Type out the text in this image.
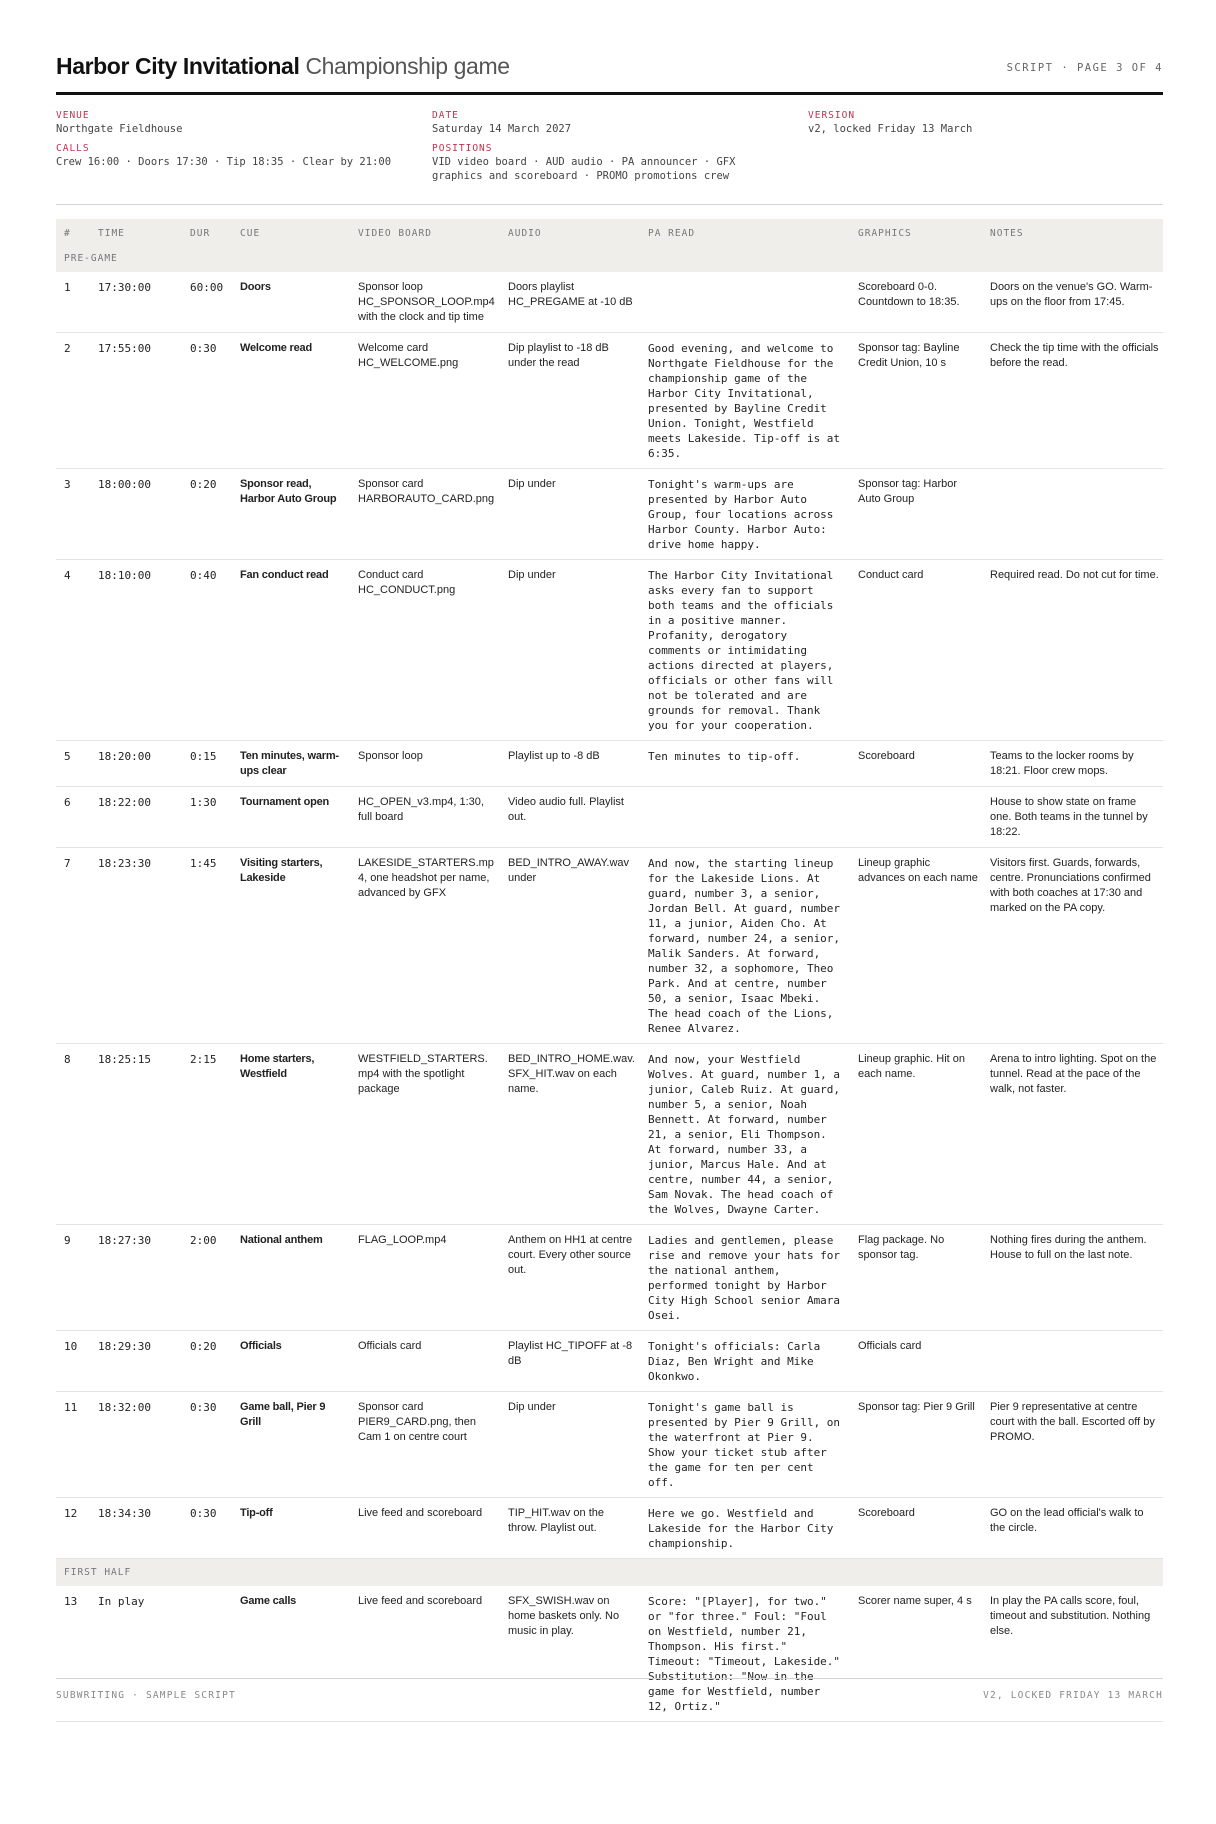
Harbor City Invitational Championship game	SCRIPT · PAGE 3 OF 4
VENUE
Northgate Fieldhouse
CALLS
Crew 16:00 · Doors 17:30 · Tip 18:35 · Clear by 21:00
DATE
Saturday 14 March 2027
POSITIONS
VID video board · AUD audio · PA announcer · GFX graphics and scoreboard · PROMO promotions crew
VERSION
v2, locked Friday 13 March
#	TIME	DUR	CUE	VIDEO BOARD	AUDIO	PA READ	GRAPHICS	NOTES
PRE-GAME								
1	17:30:00	60:00	Doors	Sponsor loop HC_SPONSOR_LOOP.mp4 with the clock and tip time	Doors playlist HC_PREGAME at -10 dB		Scoreboard 0-0. Countdown to 18:35.	Doors on the venue's GO. Warm-ups on the floor from 17:45.
2	17:55:00	0:30	Welcome read	Welcome card HC_WELCOME.png	Dip playlist to -18 dB under the read	Good evening, and welcome to Northgate Fieldhouse for the championship game of the Harbor City Invitational, presented by Bayline Credit Union. Tonight, Westfield meets Lakeside. Tip-off is at 6:35.	Sponsor tag: Bayline Credit Union, 10 s	Check the tip time with the officials before the read.
3	18:00:00	0:20	Sponsor read, Harbor Auto Group	Sponsor card HARBORAUTO_CARD.png	Dip under	Tonight's warm-ups are presented by Harbor Auto Group, four locations across Harbor County. Harbor Auto: drive home happy.	Sponsor tag: Harbor Auto Group	
4	18:10:00	0:40	Fan conduct read	Conduct card HC_CONDUCT.png	Dip under	The Harbor City Invitational asks every fan to support both teams and the officials in a positive manner. Profanity, derogatory comments or intimidating actions directed at players, officials or other fans will not be tolerated and are grounds for removal. Thank you for your cooperation.	Conduct card	Required read. Do not cut for time.
5	18:20:00	0:15	Ten minutes, warm-ups clear	Sponsor loop	Playlist up to -8 dB	Ten minutes to tip-off.	Scoreboard	Teams to the locker rooms by 18:21. Floor crew mops.
6	18:22:00	1:30	Tournament open	HC_OPEN_v3.mp4, 1:30, full board	Video audio full. Playlist out.			House to show state on frame one. Both teams in the tunnel by 18:22.
7	18:23:30	1:45	Visiting starters, Lakeside	LAKESIDE_STARTERS.mp4, one headshot per name, advanced by GFX	BED_INTRO_AWAY.wav under	And now, the starting lineup for the Lakeside Lions. At guard, number 3, a senior, Jordan Bell. At guard, number 11, a junior, Aiden Cho. At forward, number 24, a senior, Malik Sanders. At forward, number 32, a sophomore, Theo Park. And at centre, number 50, a senior, Isaac Mbeki. The head coach of the Lions, Renee Alvarez.	Lineup graphic advances on each name	Visitors first. Guards, forwards, centre. Pronunciations confirmed with both coaches at 17:30 and marked on the PA copy.
8	18:25:15	2:15	Home starters, Westfield	WESTFIELD_STARTERS.mp4 with the spotlight package	BED_INTRO_HOME.wav. SFX_HIT.wav on each name.	And now, your Westfield Wolves. At guard, number 1, a junior, Caleb Ruiz. At guard, number 5, a senior, Noah Bennett. At forward, number 21, a senior, Eli Thompson. At forward, number 33, a junior, Marcus Hale. And at centre, number 44, a senior, Sam Novak. The head coach of the Wolves, Dwayne Carter.	Lineup graphic. Hit on each name.	Arena to intro lighting. Spot on the tunnel. Read at the pace of the walk, not faster.
9	18:27:30	2:00	National anthem	FLAG_LOOP.mp4	Anthem on HH1 at centre court. Every other source out.	Ladies and gentlemen, please rise and remove your hats for the national anthem, performed tonight by Harbor City High School senior Amara Osei.	Flag package. No sponsor tag.	Nothing fires during the anthem. House to full on the last note.
10	18:29:30	0:20	Officials	Officials card	Playlist HC_TIPOFF at -8 dB	Tonight's officials: Carla Diaz, Ben Wright and Mike Okonkwo.	Officials card	
11	18:32:00	0:30	Game ball, Pier 9 Grill	Sponsor card PIER9_CARD.png, then Cam 1 on centre court	Dip under	Tonight's game ball is presented by Pier 9 Grill, on the waterfront at Pier 9. Show your ticket stub after the game for ten per cent off.	Sponsor tag: Pier 9 Grill	Pier 9 representative at centre court with the ball. Escorted off by PROMO.
12	18:34:30	0:30	Tip-off	Live feed and scoreboard	TIP_HIT.wav on the throw. Playlist out.	Here we go. Westfield and Lakeside for the Harbor City championship.	Scoreboard	GO on the lead official's walk to the circle.
FIRST HALF								
13	In play		Game calls	Live feed and scoreboard	SFX_SWISH.wav on home baskets only. No music in play.	Score: "[Player], for two." or "for three." Foul: "Foul on Westfield, number 21, Thompson. His first." Timeout: "Timeout, Lakeside." Substitution: "Now in the game for Westfield, number 12, Ortiz."	Scorer name super, 4 s	In play the PA calls score, foul, timeout and substitution. Nothing else.
SUBWRITING · SAMPLE SCRIPT	V2, LOCKED FRIDAY 13 MARCH
